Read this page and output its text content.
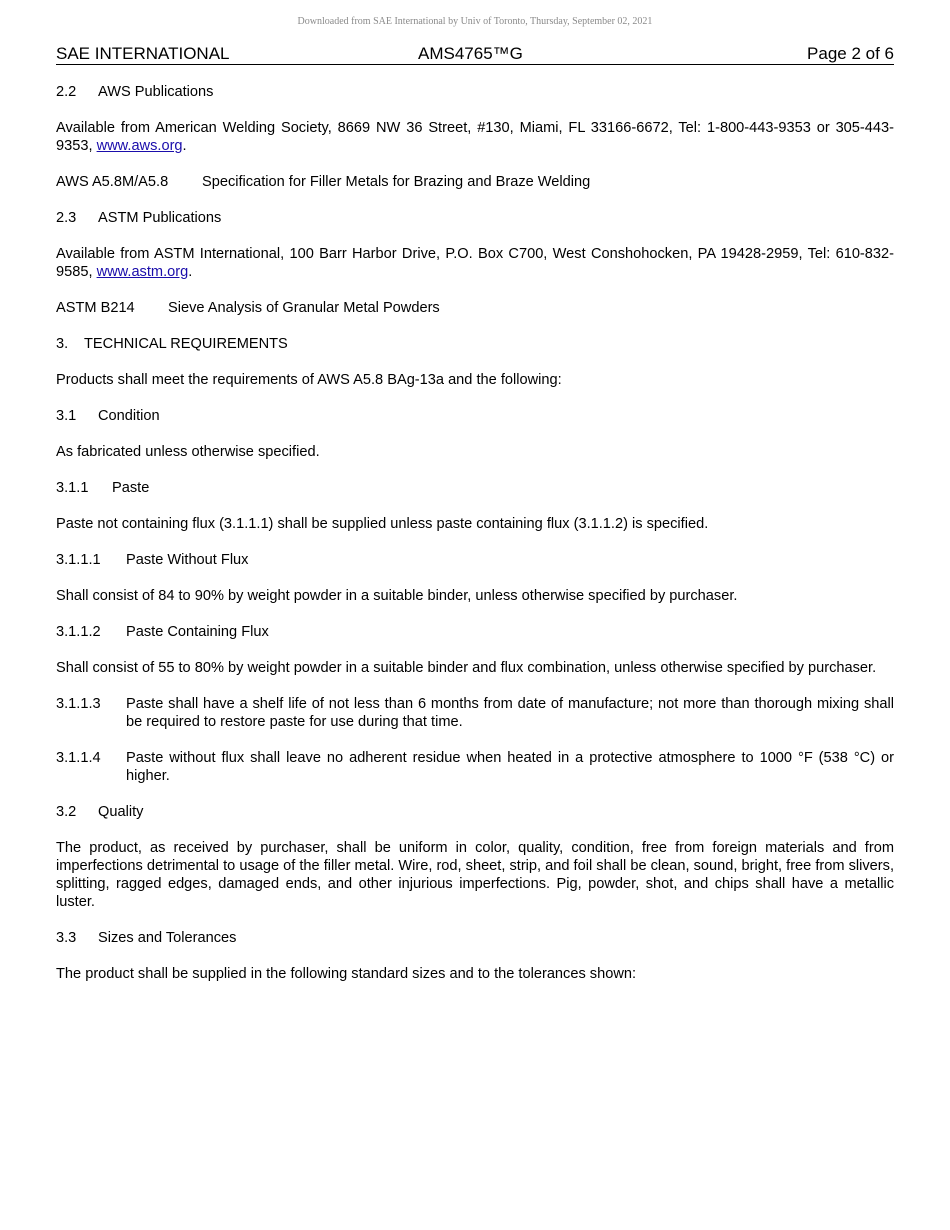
Downloaded from SAE International by Univ of Toronto, Thursday, September 02, 2021
SAE INTERNATIONAL	AMS4765™G	Page 2 of 6
2.2	AWS Publications

Available from American Welding Society, 8669 NW 36 Street, #130, Miami, FL 33166-6672, Tel: 1-800-443-9353 or 305-443-9353, www.aws.org.

AWS A5.8M/A5.8	Specification for Filler Metals for Brazing and Braze Welding
2.3	ASTM Publications

Available from ASTM International, 100 Barr Harbor Drive, P.O. Box C700, West Conshohocken, PA 19428-2959, Tel: 610-832-9585, www.astm.org.

ASTM B214	Sieve Analysis of Granular Metal Powders
3.	TECHNICAL REQUIREMENTS

Products shall meet the requirements of AWS A5.8 BAg-13a and the following:

3.1	Condition

As fabricated unless otherwise specified.

3.1.1	Paste

Paste not containing flux (3.1.1.1) shall be supplied unless paste containing flux (3.1.1.2) is specified.

3.1.1.1	Paste Without Flux

Shall consist of 84 to 90% by weight powder in a suitable binder, unless otherwise specified by purchaser.

3.1.1.2	Paste Containing Flux

Shall consist of 55 to 80% by weight powder in a suitable binder and flux combination, unless otherwise specified by purchaser.

3.1.1.3	Paste shall have a shelf life of not less than 6 months from date of manufacture; not more than thorough mixing shall be required to restore paste for use during that time.
3.1.1.4	Paste without flux shall leave no adherent residue when heated in a protective atmosphere to 1000 °F (538 °C) or higher.
3.2	Quality

The product, as received by purchaser, shall be uniform in color, quality, condition, free from foreign materials and from imperfections detrimental to usage of the filler metal. Wire, rod, sheet, strip, and foil shall be clean, sound, bright, free from slivers, splitting, ragged edges, damaged ends, and other injurious imperfections. Pig, powder, shot, and chips shall have a metallic luster.

3.3	Sizes and Tolerances

The product shall be supplied in the following standard sizes and to the tolerances shown:
